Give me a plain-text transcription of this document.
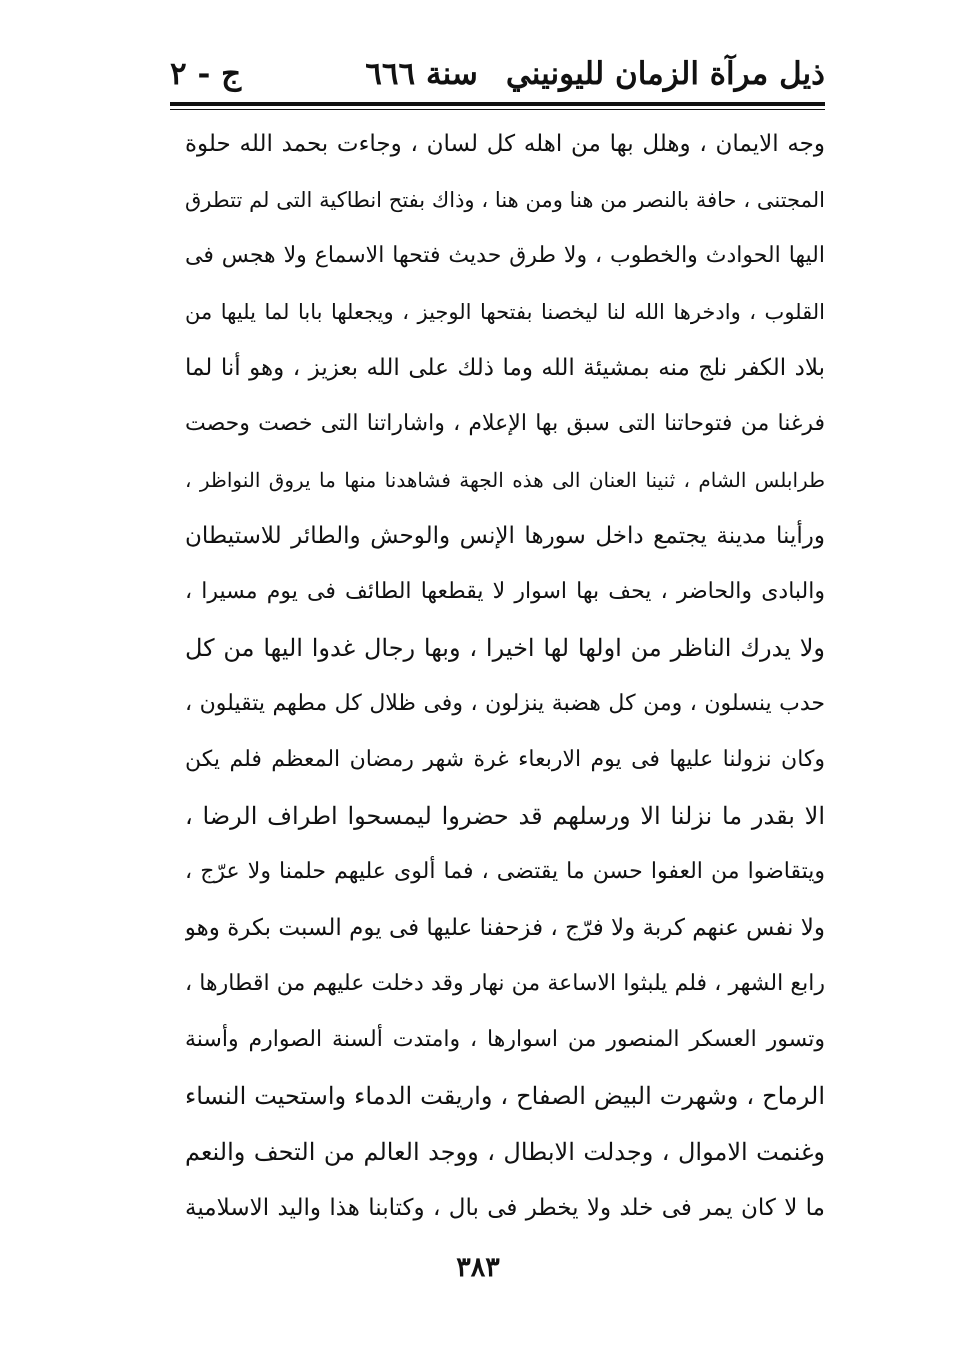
ذيل مرآة الزمان لليونيني
سنة ٦٦٦
ج - ٢
وجه الايمان ، وهلل بها من اهله كل لسان ، وجاءت بحمد الله حلوة
المجتنى ، حافة بالنصر من هنا ومن هنا ، وذاك بفتح انطاكية التى لم تتطرق
اليها الحوادث والخطوب ، ولا طرق حديث فتحها الاسماع ولا هجس فى
القلوب ، وادخرها الله لنا ليخصنا بفتحها الوجيز ، ويجعلها بابا لما يليها من
بلاد الكفر نلج منه بمشيئة الله وما ذلك على الله بعزيز ، وهو أنا لما
فرغنا من فتوحاتنا التى سبق بها الإعلام ، واشاراتنا التى خصت وحصت
طرابلس الشام ، ثنينا العنان الى هذه الجهة فشاهدنا منها ما يروق النواظر ،
ورأينا مدينة يجتمع داخل سورها الإنس والوحش والطائر للاستيطان
والبادى والحاضر ، يحف بها اسوار لا يقطعها الطائف فى يوم مسيرا ،
ولا يدرك الناظر من اولها لها اخيرا ، وبها رجال غدوا اليها من كل
حدب ينسلون ، ومن كل هضبة ينزلون ، وفى ظلال كل مطهم يتقيلون ،
وكان نزولنا عليها فى يوم الاربعاء غرة شهر رمضان المعظم فلم يكن
الا بقدر ما نزلنا الا ورسلهم قد حضروا ليمسحوا اطراف الرضا ،
ويتقاضوا من العفوا حسن ما يقتضى ، فما ألوى عليهم حلمنا ولا عرّج ،
ولا نفس عنهم كربة ولا فرّج ، فزحفنا عليها فى يوم السبت بكرة وهو
رابع الشهر ، فلم يلبثوا الاساعة من نهار وقد دخلت عليهم من اقطارها ،
وتسور العسكر المنصور من اسوارها ، وامتدت ألسنة الصوارم وأسنة
الرماح ، وشهرت البيض الصفاح ، واريقت الدماء واستحيت النساء
وغنمت الاموال ، وجدلت الابطال ، ووجد العالم من التحف والنعم
ما لا كان يمر فى خلد ولا يخطر فى بال ، وكتابنا هذا واليد الاسلامية
٣٨٣
